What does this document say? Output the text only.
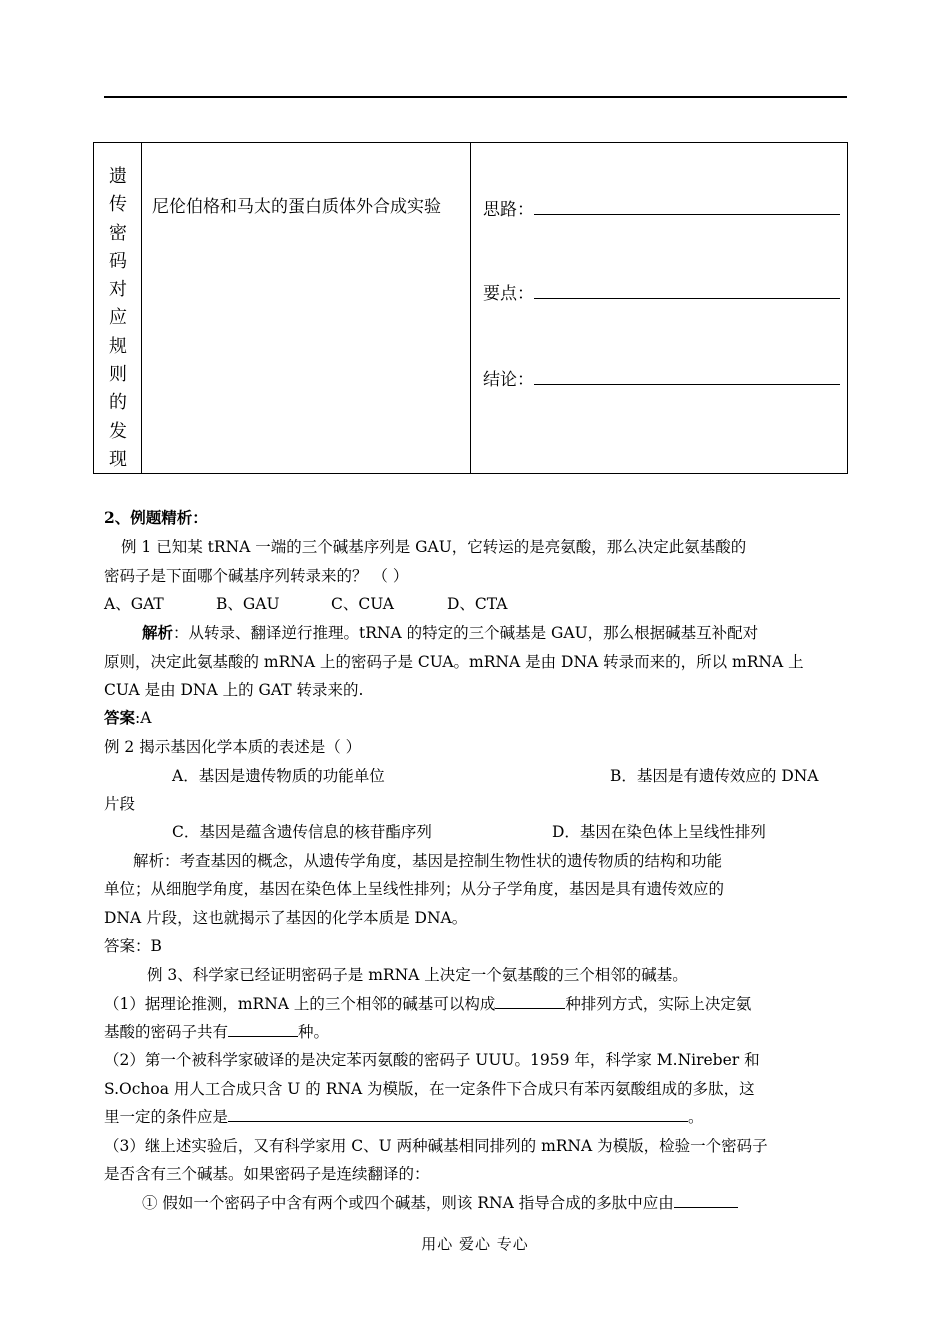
遗
传
密
码
对
应
规
则
的
发
现
尼伦伯格和马太的蛋白质体外合成实验	思路：
要点：
结论：
2、例题精析：
例 1 已知某 tRNA 一端的三个碱基序列是 GAU，它转运的是亮氨酸，那么决定此氨基酸的
密码子是下面哪个碱基序列转录来的？ （ ）
A、GAT	B、GAU	C、CUA	D、CTA
解析：从转录、翻译逆行推理。tRNA 的特定的三个碱基是 GAU，那么根据碱基互补配对
原则，决定此氨基酸的 mRNA 上的密码子是 CUA。mRNA 是由 DNA 转录而来的，所以 mRNA 上
CUA 是由 DNA 上的 GAT 转录来的.
答案:A
例 2 揭示基因化学本质的表述是（ ）
A．基因是遗传物质的功能单位	B．基因是有遗传效应的 DNA
片段
C．基因是蕴含遗传信息的核苷酯序列	D．基因在染色体上呈线性排列
解析：考查基因的概念，从遗传学角度，基因是控制生物性状的遗传物质的结构和功能
单位；从细胞学角度，基因在染色体上呈线性排列；从分子学角度，基因是具有遗传效应的
DNA 片段，这也就揭示了基因的化学本质是 DNA。
答案：B
例 3、科学家已经证明密码子是 mRNA 上决定一个氨基酸的三个相邻的碱基。
（1）据理论推测，mRNA 上的三个相邻的碱基可以构成	种排列方式，实际上决定氨
基酸的密码子共有	种。
（2）第一个被科学家破译的是决定苯丙氨酸的密码子 UUU。1959 年，科学家 M.Nireber 和
S.Ochoa 用人工合成只含 U 的 RNA 为模版，在一定条件下合成只有苯丙氨酸组成的多肽，这
里一定的条件应是	。
（3）继上述实验后，又有科学家用 C、U 两种碱基相同排列的 mRNA 为模版，检验一个密码子
是否含有三个碱基。如果密码子是连续翻译的：
① 假如一个密码子中含有两个或四个碱基，则该 RNA 指导合成的多肽中应由
用心 爱心 专心
